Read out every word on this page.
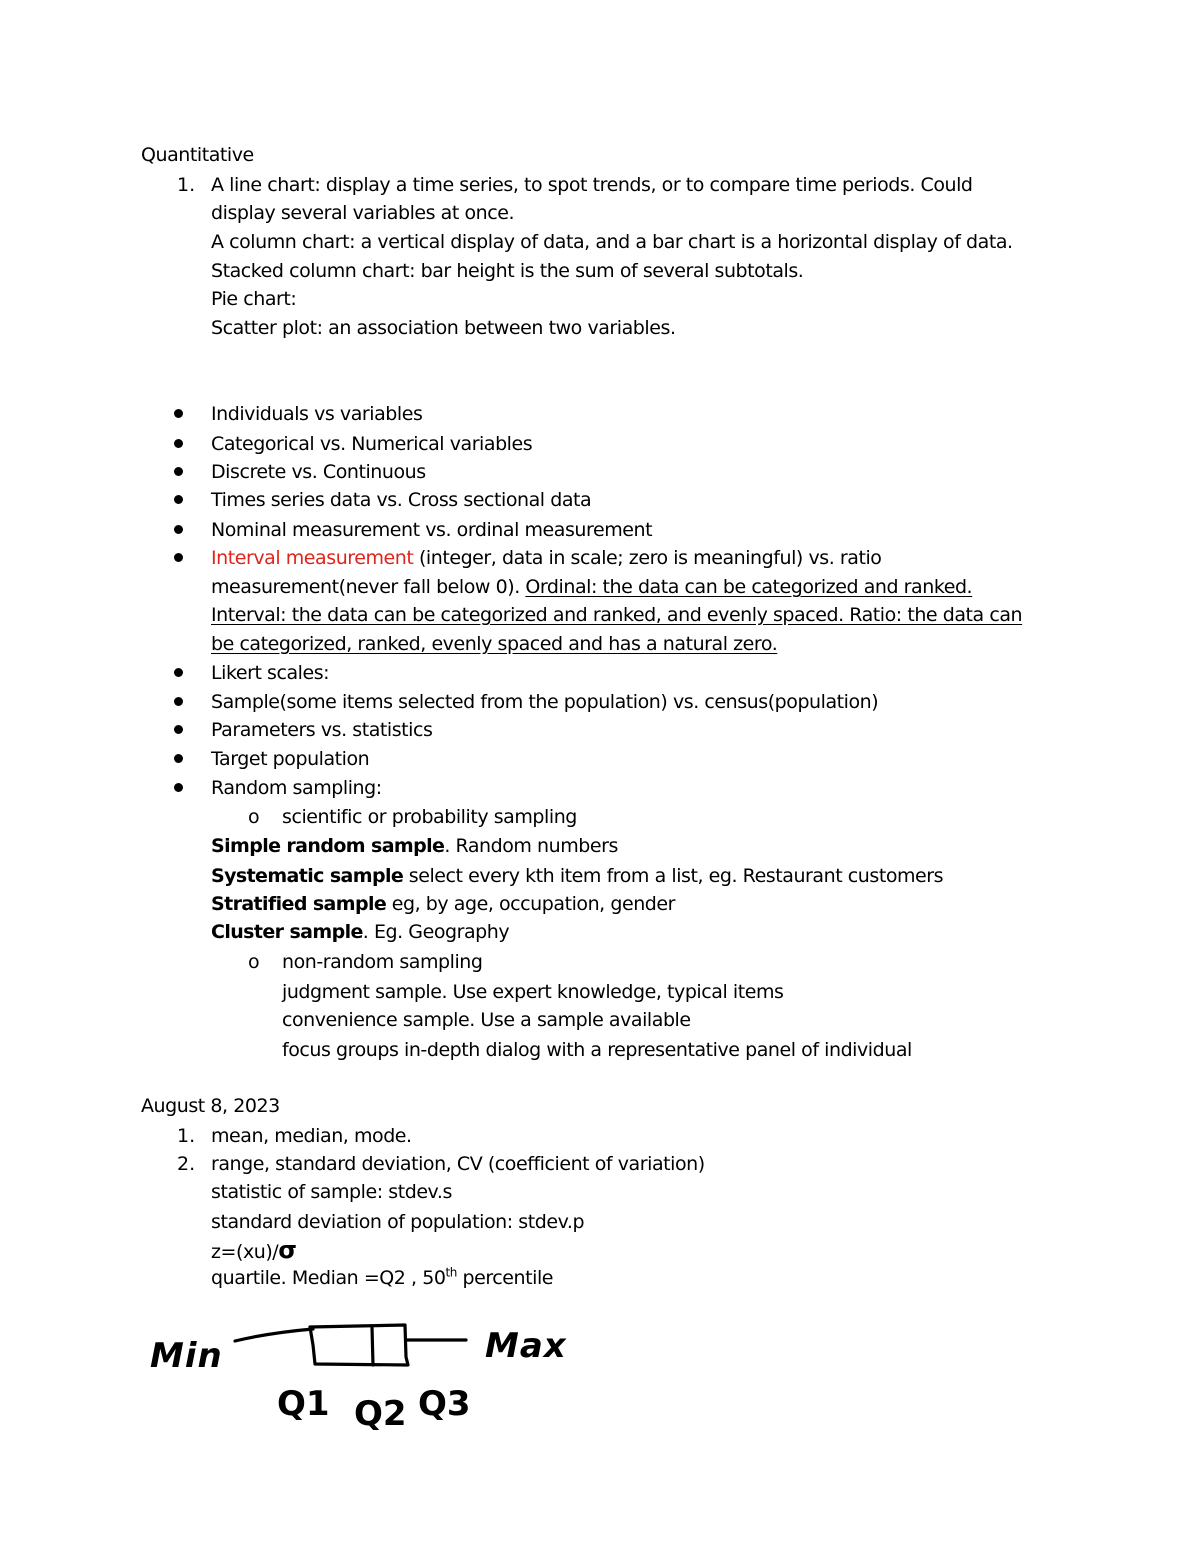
Quantitative
1. A line chart: display a time series, to spot trends, or to compare time periods. Could
display several variables at once.
A column chart: a vertical display of data, and a bar chart is a horizontal display of data.
Stacked column chart: bar height is the sum of several subtotals.
Pie chart:
Scatter plot: an association between two variables.
Individuals vs variables
Categorical vs. Numerical variables
Discrete vs. Continuous
Times series data vs. Cross sectional data
Nominal measurement vs. ordinal measurement
Interval measurement (integer, data in scale; zero is meaningful) vs. ratio
measurement(never fall below 0). Ordinal: the data can be categorized and ranked.
Interval: the data can be categorized and ranked, and evenly spaced. Ratio: the data can
be categorized, ranked, evenly spaced and has a natural zero.
Likert scales:
Sample(some items selected from the population) vs. census(population)
Parameters vs. statistics
Target population
Random sampling:
o scientific or probability sampling
Simple random sample. Random numbers
Systematic sample select every kth item from a list, eg. Restaurant customers
Stratified sample eg, by age, occupation, gender
Cluster sample. Eg. Geography
o non-random sampling
judgment sample. Use expert knowledge, typical items
convenience sample. Use a sample available
focus groups in-depth dialog with a representative panel of individual
August 8, 2023
1. mean, median, mode.
2. range, standard deviation, CV (coefficient of variation)
statistic of sample: stdev.s
standard deviation of population: stdev.p
z=(xu)/σ
quartile. Median =Q2 , 50th percentile
Min	Max
Q1 Q2 Q3
